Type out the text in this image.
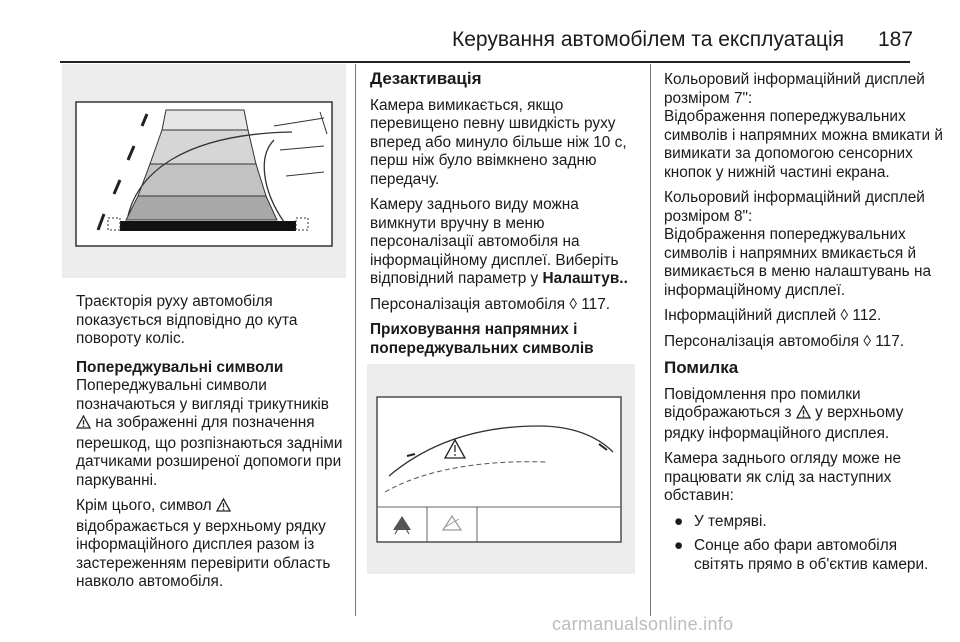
Керування автомобілем та експлуатація 187

Траєкторія руху автомобіля показується відповідно до кута повороту коліс.

Попереджувальні символи

Попереджувальні символи позначаються у вигляді трикутників
на зображенні для позначення перешкод, що розпізнаються задніми датчиками розширеної допомоги при паркуванні.

Крім цього, символ
відображається у верхньому рядку інформаційного дисплея разом із застереженням перевірити область навколо автомобіля.

Дезактивація

Камера вимикається, якщо перевищено певну швидкість руху вперед або минуло більше ніж 10 с, перш ніж було ввімкнено задню передачу.

Камеру заднього виду можна вимкнути вручну в меню персоналізації автомобіля на інформаційному дисплеї. Виберіть відповідний параметр у Налаштув..

Персоналізація автомобіля ◊ 117.

Приховування напрямних і попереджувальних символів

Кольоровий інформаційний дисплей розміром 7":
Відображення попереджувальних символів і напрямних можна вмикати й вимикати за допомогою сенсорних кнопок у нижній частині екрана.

Кольоровий інформаційний дисплей розміром 8":
Відображення попереджувальних символів і напрямних вмикається й вимикається в меню налаштувань на інформаційному дисплеї.

Інформаційний дисплей ◊ 112.

Персоналізація автомобіля ◊ 117.

Помилка

Повідомлення про помилки відображаються з у верхньому рядку інформаційного дисплея.

Камера заднього огляду може не працювати як слід за наступних обставин:

● У темряві.
● Сонце або фари автомобіля світять прямо в об'єктив камери.
carmanualsonline.info
